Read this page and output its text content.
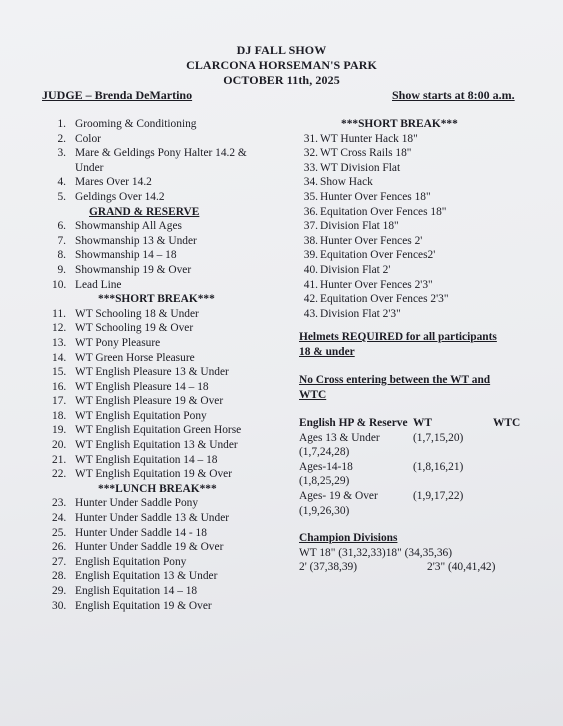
DJ FALL SHOW
CLARCONA HORSEMAN'S PARK
OCTOBER 11th, 2025
JUDGE – Brenda DeMartino	Show starts at 8:00 a.m.
1. Grooming & Conditioning
2. Color
3. Mare & Geldings Pony Halter 14.2 &
Under
4. Mares Over 14.2
5. Geldings Over 14.2
GRAND & RESERVE
6. Showmanship All Ages
7. Showmanship 13 & Under
8. Showmanship 14 – 18
9. Showmanship 19 & Over
10. Lead Line
***SHORT BREAK***
11. WT Schooling 18 & Under
12. WT Schooling 19 & Over
13. WT Pony Pleasure
14. WT Green Horse Pleasure
15. WT English Pleasure 13 & Under
16. WT English Pleasure 14 – 18
17. WT English Pleasure 19 & Over
18. WT English Equitation Pony
19. WT English Equitation Green Horse
20. WT English Equitation 13 & Under
21. WT English Equitation 14 – 18
22. WT English Equitation 19 & Over
***LUNCH BREAK***
23. Hunter Under Saddle Pony
24. Hunter Under Saddle 13 & Under
25. Hunter Under Saddle 14 - 18
26. Hunter Under Saddle 19 & Over
27. English Equitation Pony
28. English Equitation 13 & Under
29. English Equitation 14 – 18
30. English Equitation 19 & Over
***SHORT BREAK***
31. WT Hunter Hack 18"
32. WT Cross Rails 18"
33. WT Division Flat
34. Show Hack
35. Hunter Over Fences 18"
36. Equitation Over Fences 18"
37. Division Flat 18"
38. Hunter Over Fences 2'
39. Equitation Over Fences2'
40. Division Flat 2'
41. Hunter Over Fences 2'3"
42. Equitation Over Fences 2'3"
43. Division Flat 2'3"
Helmets REQUIRED for all participants
18 & under
No Cross entering between the WT and
WTC
English HP & Reserve WT	WTC
Ages 13 & Under	(1,7,15,20)
(1,7,24,28)
Ages-14-18	(1,8,16,21)
(1,8,25,29)
Ages- 19 & Over	(1,9,17,22)
(1,9,26,30)
Champion Divisions
WT 18" (31,32,33)18" (34,35,36)
2' (37,38,39)	2'3" (40,41,42)
